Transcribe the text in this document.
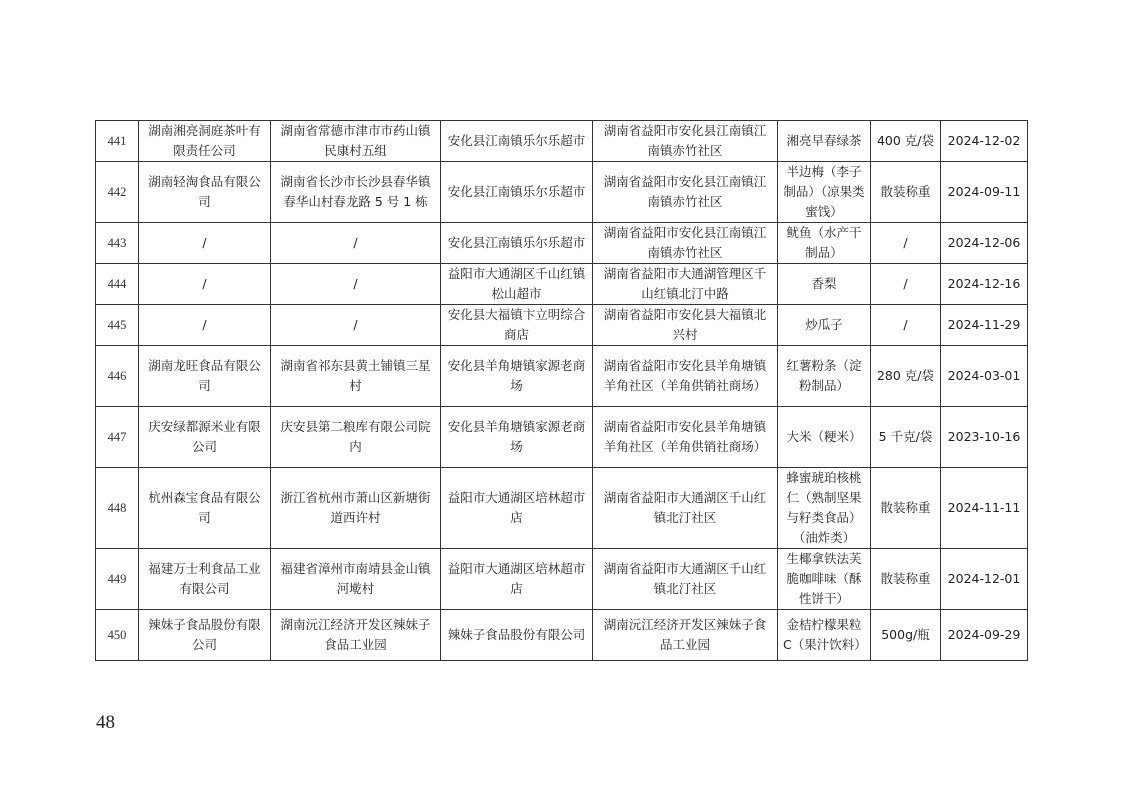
441	湖南湘亮洞庭茶叶有限责任公司	湖南省常德市津市市药山镇民康村五组	安化县江南镇乐尔乐超市	湖南省益阳市安化县江南镇江南镇赤竹社区	湘亮早春绿茶	400 克/袋	2024-12-02
442	湖南轻淘食品有限公司	湖南省长沙市长沙县春华镇春华山村春龙路 5 号 1 栋	安化县江南镇乐尔乐超市	湖南省益阳市安化县江南镇江南镇赤竹社区	半边梅（李子制品）（凉果类蜜饯）	散装称重	2024-09-11
443	/	/	安化县江南镇乐尔乐超市	湖南省益阳市安化县江南镇江南镇赤竹社区	鱿鱼（水产干制品）	/	2024-12-06
444	/	/	益阳市大通湖区千山红镇松山超市	湖南省益阳市大通湖管理区千山红镇北汀中路	香梨	/	2024-12-16
445	/	/	安化县大福镇卞立明综合商店	湖南省益阳市安化县大福镇北兴村	炒瓜子	/	2024-11-29
446	湖南龙旺食品有限公司	湖南省祁东县黄土铺镇三星村	安化县羊角塘镇家源老商场	湖南省益阳市安化县羊角塘镇羊角社区（羊角供销社商场）	红薯粉条（淀粉制品）	280 克/袋	2024-03-01
447	庆安绿都源米业有限公司	庆安县第二粮库有限公司院内	安化县羊角塘镇家源老商场	湖南省益阳市安化县羊角塘镇羊角社区（羊角供销社商场）	大米（粳米）	5 千克/袋	2023-10-16
448	杭州森宝食品有限公司	浙江省杭州市萧山区新塘街道西许村	益阳市大通湖区培林超市店	湖南省益阳市大通湖区千山红镇北汀社区	蜂蜜琥珀核桃仁（熟制坚果与籽类食品）（油炸类）	散装称重	2024-11-11
449	福建万士利食品工业有限公司	福建省漳州市南靖县金山镇河墘村	益阳市大通湖区培林超市店	湖南省益阳市大通湖区千山红镇北汀社区	生椰拿铁法芙脆咖啡味（酥性饼干）	散装称重	2024-12-01
450	辣妹子食品股份有限公司	湖南沅江经济开发区辣妹子食品工业园	辣妹子食品股份有限公司	湖南沅江经济开发区辣妹子食品工业园	金桔柠檬果粒C（果汁饮料）	500g/瓶	2024-09-29
48
